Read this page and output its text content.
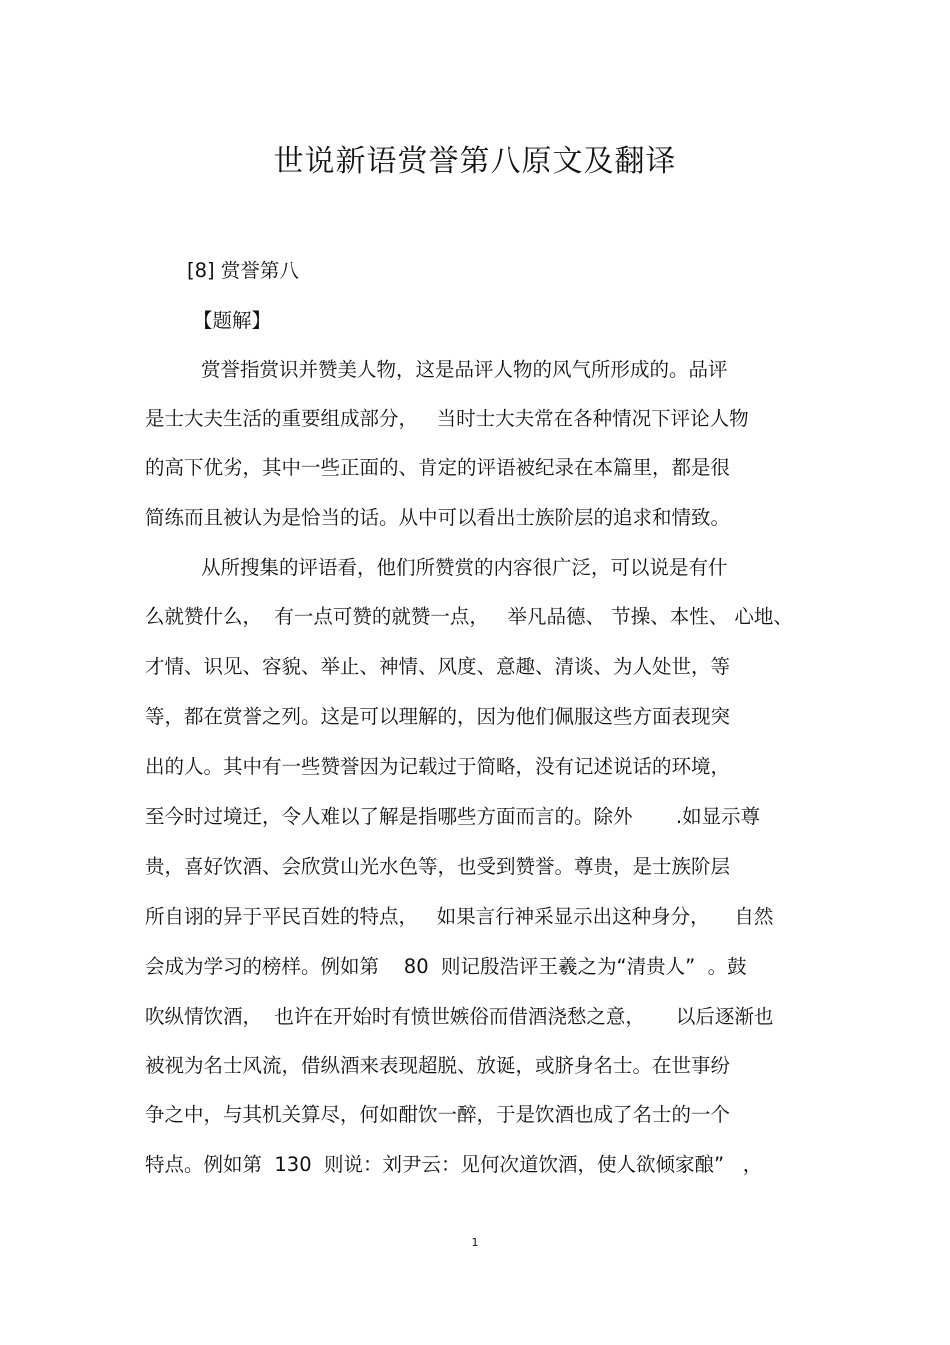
世说新语赏誉第八原文及翻译
[8] 赏誉第八
【题解】
赏誉指赏识并赞美人物，这是品评人物的风气所形成的。品评
是士大夫生活的重要组成部分，   当时士大夫常在各种情况下评论人物
的高下优劣，其中一些正面的、肯定的评语被纪录在本篇里，都是很
简练而且被认为是恰当的话。从中可以看出士族阶层的追求和情致。
从所搜集的评语看，他们所赞赏的内容很广泛，可以说是有什
么就赞什么，  有一点可赞的就赞一点，   举凡品德、 节操、本性、 心地、
才情、识见、容貌、举止、神情、风度、意趣、清谈、为人处世，等
等，都在赏誉之列。这是可以理解的，因为他们佩服这些方面表现突
出的人。其中有一些赞誉因为记载过于简略，没有记述说话的环境，
至今时过境迁，令人难以了解是指哪些方面而言的。除外       .如显示尊
贵，喜好饮酒、会欣赏山光水色等，也受到赞誉。尊贵，是士族阶层
所自诩的异于平民百姓的特点，   如果言行神采显示出这种身分，    自然
会成为学习的榜样。例如第    80  则记殷浩评王羲之为“清贵人”  。鼓
吹纵情饮酒，  也许在开始时有愤世嫉俗而借酒浇愁之意，     以后逐渐也
被视为名士风流，借纵酒来表现超脱、放诞，或脐身名士。在世事纷
争之中，与其机关算尽，何如酣饮一醉，于是饮酒也成了名士的一个
特点。例如第  130  则说：刘尹云：见何次道饮酒，使人欲倾家酿”   ，
1
